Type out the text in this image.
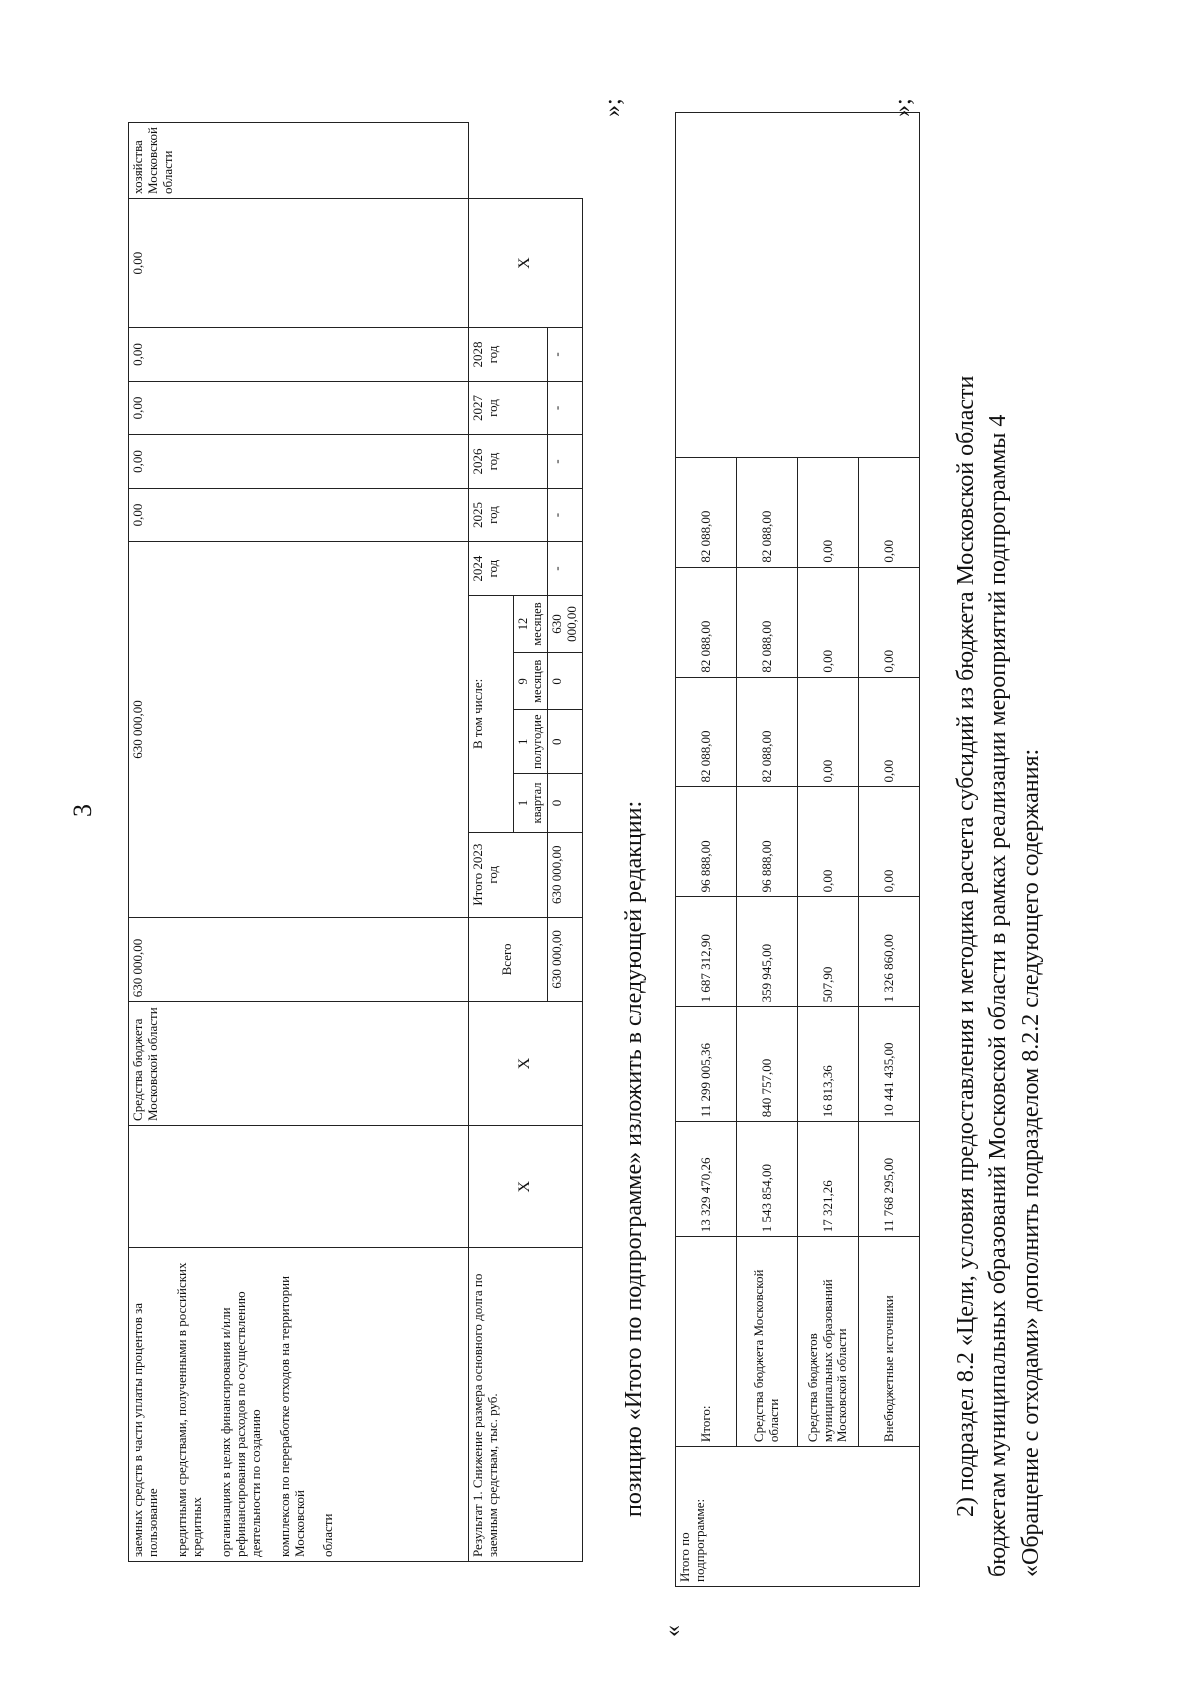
3
заемных средств в части уплаты процентов за пользование кредитными средствами, полученными в российских кредитных организациях в целях финансирования и/или рефинансирования расходов по осуществлению деятельности по созданию комплексов по переработке отходов на территории Московской области		Средства бюджета Московской области	630 000,00	630 000,00						0,00	0,00	0,00	0,00	0,00	хозяйства Московской области
Результат 1. Снижение размера основного долга по заемным средствам, тыс. руб.	X	X	Всего	Итого 2023 год	В том числе:				2024 год	2025 год	2026 год	2027 год	2028 год	X	
					1 квартал	1 полугодие	9 месяцев	12 месяцев							
			630 000,00	630 000,00	0	0	0	630 000,00	-	-	-	-	-		
»;
позицию «Итого по подпрограмме» изложить в следующей редакции:
«
Итого по подпрограмме:	Итого:	13 329 470,26	11 299 005,36	1 687 312,90	96 888,00	82 088,00	82 088,00	82 088,00	
	Средства бюджета Московской области	1 543 854,00	840 757,00	359 945,00	96 888,00	82 088,00	82 088,00	82 088,00	
	Средства бюджетов муниципальных образований Московской области	17 321,26	16 813,36	507,90	0,00	0,00	0,00	0,00	
	Внебюджетные источники	11 768 295,00	10 441 435,00	1 326 860,00	0,00	0,00	0,00	0,00	
»;
2) подраздел 8.2 «Цели, условия предоставления и методика расчета субсидий из бюджета Московской области бюджетам муниципальных образований Московской области в рамках реализации мероприятий подпрограммы 4 «Обращение с отходами» дополнить подразделом 8.2.2 следующего содержания:
